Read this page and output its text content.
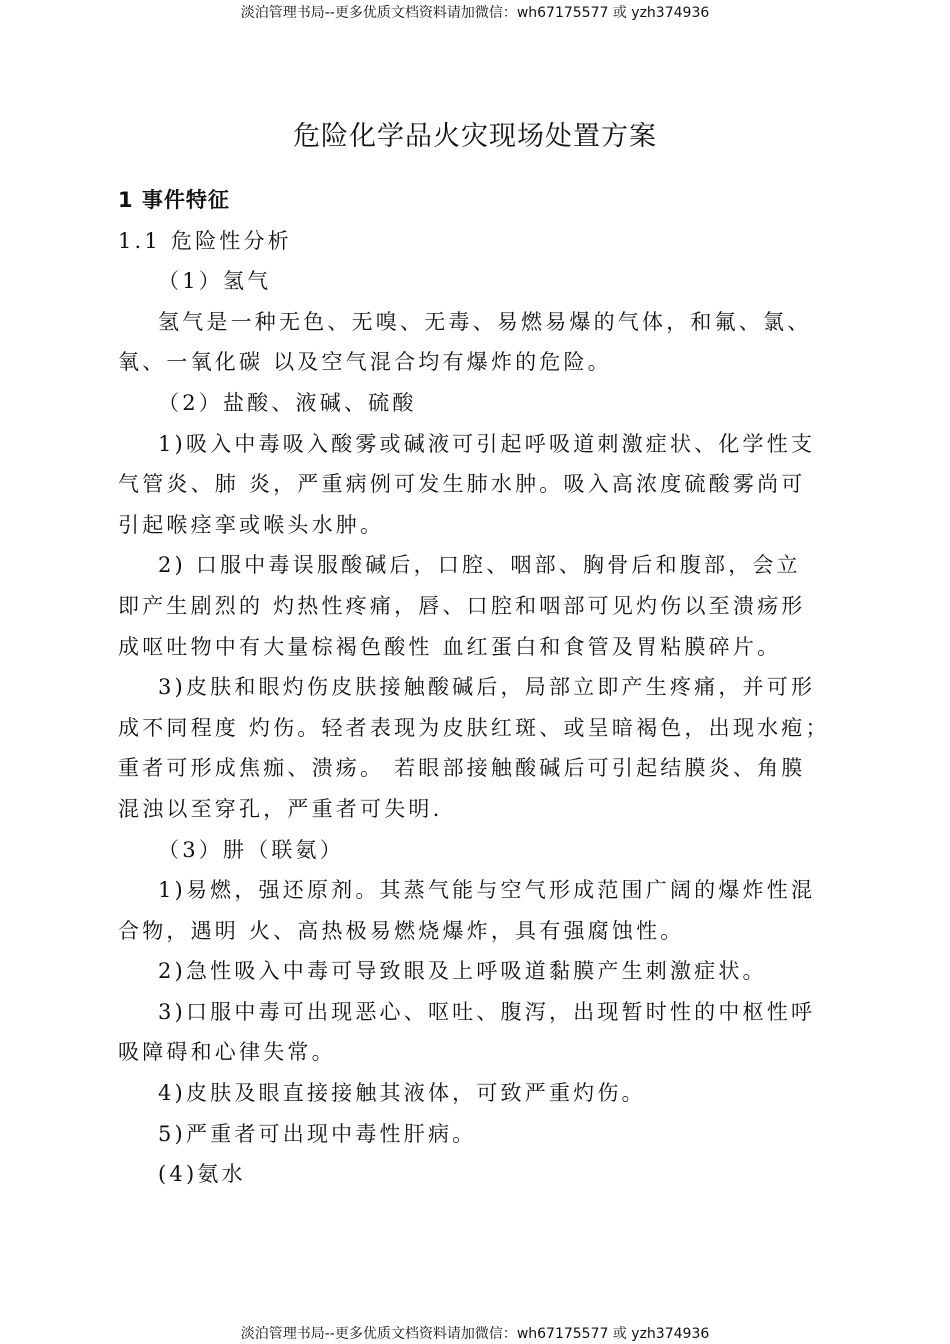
淡泊管理书局--更多优质文档资料请加微信：wh67175577 或 yzh374936
危险化学品火灾现场处置方案
1 事件特征
1.1 危险性分析
（1）氢气
氢气是一种无色、无嗅、无毒、易燃易爆的气体，和氟、氯、
氧、一氧化碳 以及空气混合均有爆炸的危险。
（2）盐酸、液碱、硫酸
1)吸入中毒吸入酸雾或碱液可引起呼吸道刺激症状、化学性支
气管炎、肺 炎，严重病例可发生肺水肿。吸入高浓度硫酸雾尚可
引起喉痉挛或喉头水肿。
2) 口服中毒误服酸碱后，口腔、咽部、胸骨后和腹部，会立
即产生剧烈的 灼热性疼痛，唇、口腔和咽部可见灼伤以至溃疡形
成呕吐物中有大量棕褐色酸性 血红蛋白和食管及胃粘膜碎片。
3)皮肤和眼灼伤皮肤接触酸碱后，局部立即产生疼痛，并可形
成不同程度 灼伤。轻者表现为皮肤红斑、或呈暗褐色，出现水疱；
重者可形成焦痂、溃疡。 若眼部接触酸碱后可引起结膜炎、角膜
混浊以至穿孔，严重者可失明.
（3）肼（联氨）
1)易燃，强还原剂。其蒸气能与空气形成范围广阔的爆炸性混
合物，遇明 火、高热极易燃烧爆炸，具有强腐蚀性。
2)急性吸入中毒可导致眼及上呼吸道黏膜产生刺激症状。
3)口服中毒可出现恶心、呕吐、腹泻，出现暂时性的中枢性呼
吸障碍和心律失常。
4)皮肤及眼直接接触其液体，可致严重灼伤。
5)严重者可出现中毒性肝病。
(4)氨水
淡泊管理书局--更多优质文档资料请加微信：wh67175577 或 yzh374936
